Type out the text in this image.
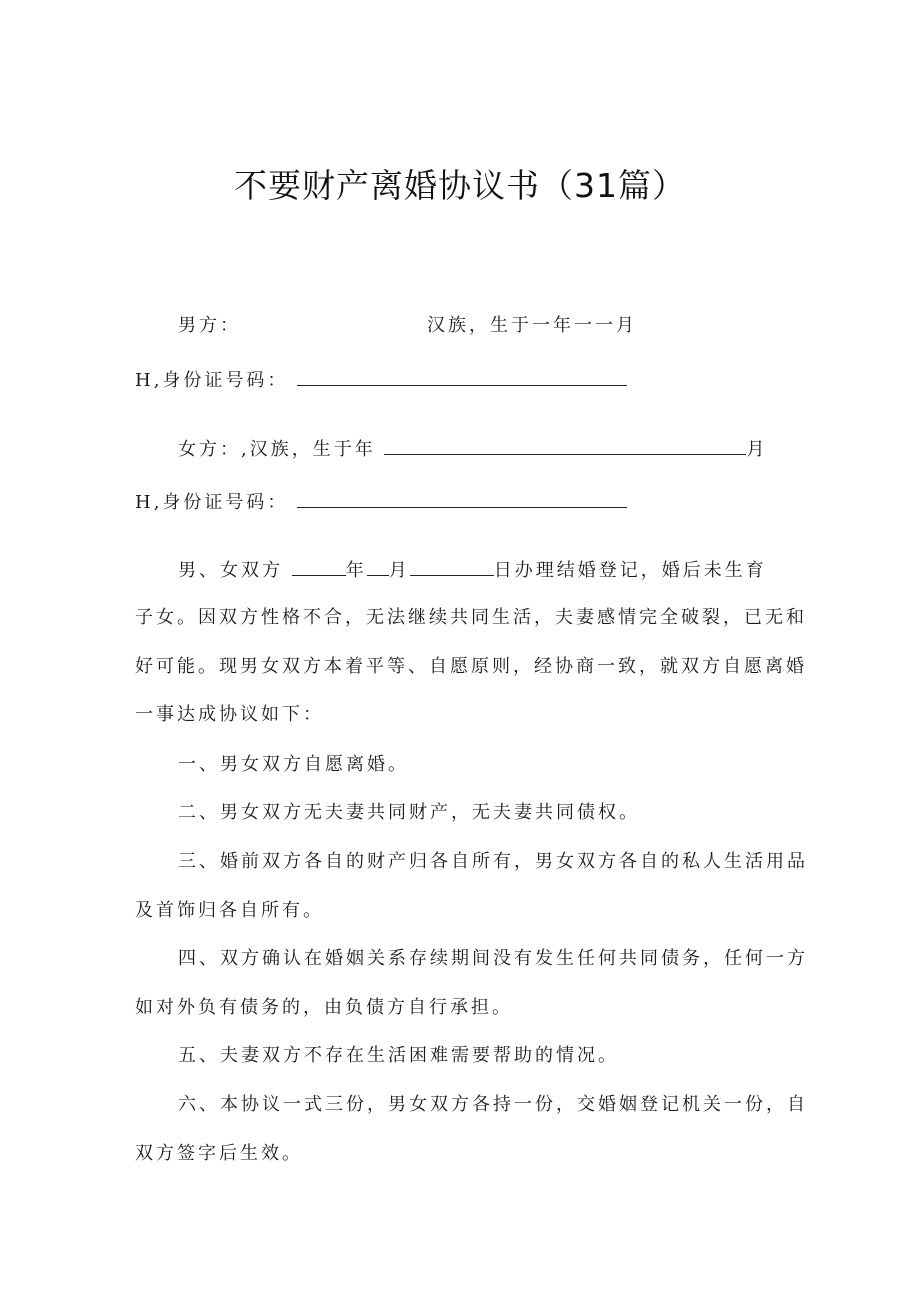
不要财产离婚协议书（31篇）
男方：	汉族，生于一年一一月
H,身份证号码：
女方：,汉族，生于年	月
H,身份证号码：
男、女双方	年 月	日办理结婚登记，婚后未生育
子女。因双方性格不合，无法继续共同生活，夫妻感情完全破裂，已无和
好可能。现男女双方本着平等、自愿原则，经协商一致，就双方自愿离婚
一事达成协议如下：
一、男女双方自愿离婚。
二、男女双方无夫妻共同财产，无夫妻共同债权。
三、婚前双方各自的财产归各自所有，男女双方各自的私人生活用品
及首饰归各自所有。
四、双方确认在婚姻关系存续期间没有发生任何共同债务，任何一方
如对外负有债务的，由负债方自行承担。
五、夫妻双方不存在生活困难需要帮助的情况。
六、本协议一式三份，男女双方各持一份，交婚姻登记机关一份，自
双方签字后生效。
